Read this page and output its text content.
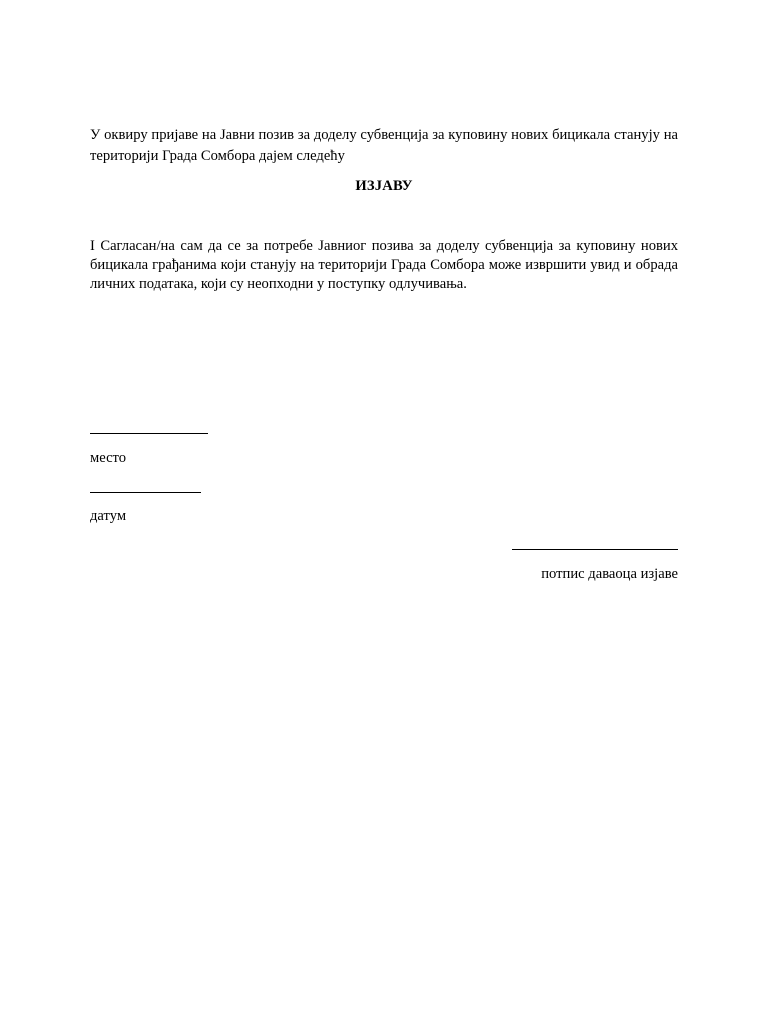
У оквиру пријаве на Јавни позив за доделу субвенција за куповину нових бицикала станују на територији Града Сомбора дајем следећу

ИЗЈАВУ

I Сагласан/на сам да се за потребе Јавниог позива за доделу субвенција за куповину нових бицикала грађанима који станују на територији Града Сомбора може извршити увид и обрада личних података, који су неопходни у поступку одлучивања.

место

датум

потпис даваоца изјаве
